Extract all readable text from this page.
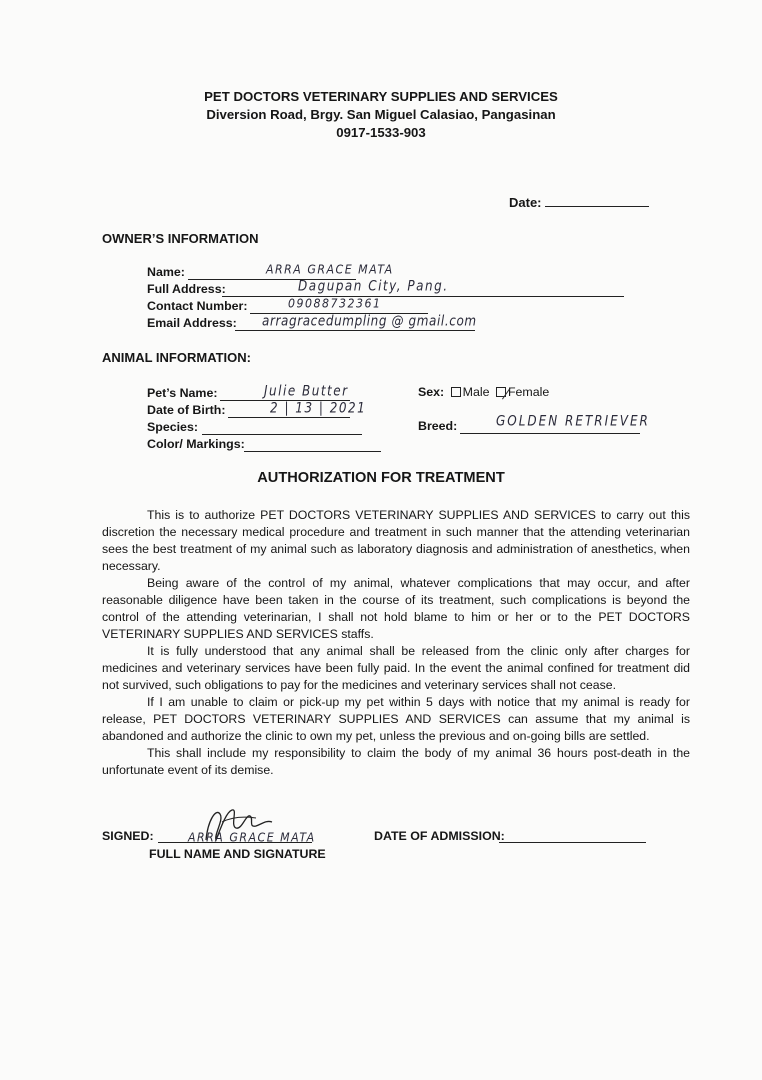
PET DOCTORS VETERINARY SUPPLIES AND SERVICES
Diversion Road, Brgy. San Miguel Calasiao, Pangasinan
0917-1533-903
Date:
OWNER’S INFORMATION
Name:	ARRA GRACE MATA
Full Address:	Dagupan City, Pang.
Contact Number:	09088732361
Email Address: arragracedumpling @ gmail.com
ANIMAL INFORMATION:
Pet’s Name:	Julie Butter
Date of Birth:	2 | 13 | 2021
Species:
Color/ Markings:
Sex: Male Female
Breed:	GOLDEN RETRIEVER
AUTHORIZATION FOR TREATMENT

This is to authorize PET DOCTORS VETERINARY SUPPLIES AND SERVICES to carry out this discretion the necessary medical procedure and treatment in such manner that the attending veterinarian sees the best treatment of my animal such as laboratory diagnosis and administration of anesthetics, when necessary.

Being aware of the control of my animal, whatever complications that may occur, and after reasonable diligence have been taken in the course of its treatment, such complications is beyond the control of the attending veterinarian, I shall not hold blame to him or her or to the PET DOCTORS VETERINARY SUPPLIES AND SERVICES staffs.

It is fully understood that any animal shall be released from the clinic only after charges for medicines and veterinary services have been fully paid. In the event the animal confined for treatment did not survived, such obligations to pay for the medicines and veterinary services shall not cease.

If I am unable to claim or pick-up my pet within 5 days with notice that my animal is ready for release, PET DOCTORS VETERINARY SUPPLIES AND SERVICES can assume that my animal is abandoned and authorize the clinic to own my pet, unless the previous and on-going bills are settled.

This shall include my responsibility to claim the body of my animal 36 hours post-death in the unfortunate event of its demise.

SIGNED:	ARRA GRACE MATA
FULL NAME AND SIGNATURE
DATE OF ADMISSION:
